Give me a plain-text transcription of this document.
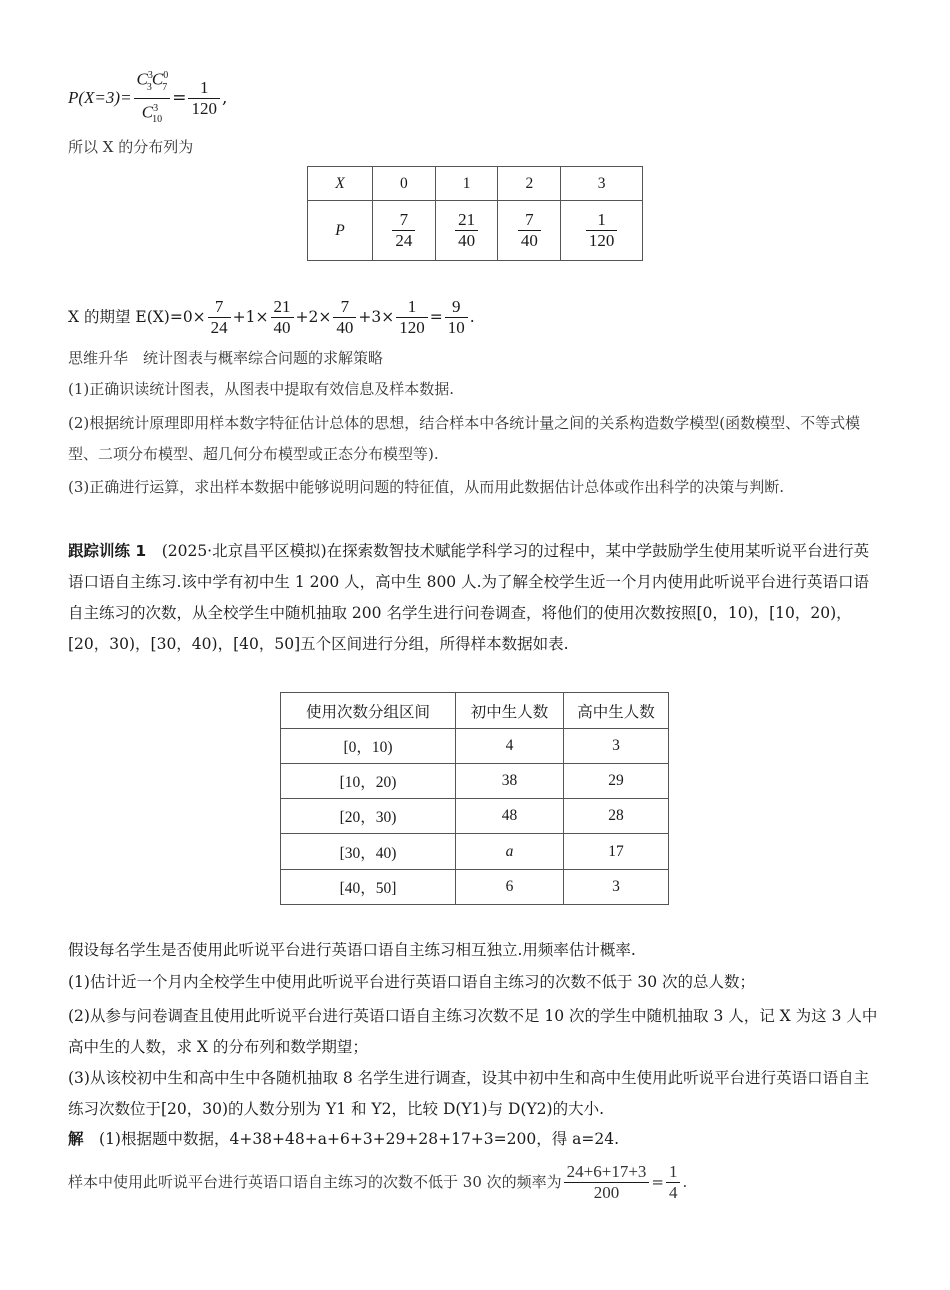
$P(X=3)= \frac{C^3_3C^0_7}{C^3_{10}} = \frac{1}{120}$ ,
所以 X 的分布列为
X	0	1	2	3
P	$\frac{7}{24}$	$\frac{21}{40}$	$\frac{7}{40}$	$\frac{1}{120}$
X 的期望 $E(X)=0\times \frac{7}{24} +1\times \frac{21}{40} +2\times \frac{7}{40} +3\times \frac{1}{120} = \frac{9}{10}$ .
思维升华　统计图表与概率综合问题的求解策略
(1)正确识读统计图表，从图表中提取有效信息及样本数据.
(2)根据统计原理即用样本数字特征估计总体的思想，结合样本中各统计量之间的关系构造数学模型(函数模型、不等式模型、二项分布模型、超几何分布模型或正态分布模型等).
(3)正确进行运算，求出样本数据中能够说明问题的特征值，从而用此数据估计总体或作出科学的决策与判断.
跟踪训练 1　(2025·北京昌平区模拟)在探索数智技术赋能学科学习的过程中，某中学鼓励学生使用某听说平台进行英语口语自主练习.该中学有初中生 1 200 人，高中生 800 人.为了解全校学生近一个月内使用此听说平台进行英语口语自主练习的次数，从全校学生中随机抽取 200 名学生进行问卷调查，将他们的使用次数按照[0，10)，[10，20)，[20，30)，[30，40)，[40，50]五个区间进行分组，所得样本数据如表.
使用次数分组区间	初中生人数	高中生人数
[0，10)	4	3
[10，20)	38	29
[20，30)	48	28
[30，40)	a	17
[40，50]	6	3
假设每名学生是否使用此听说平台进行英语口语自主练习相互独立.用频率估计概率.
(1)估计近一个月内全校学生中使用此听说平台进行英语口语自主练习的次数不低于 30 次的总人数；
(2)从参与问卷调查且使用此听说平台进行英语口语自主练习次数不足 10 次的学生中随机抽取 3 人，记 X 为这 3 人中高中生的人数，求 X 的分布列和数学期望；
(3)从该校初中生和高中生中各随机抽取 8 名学生进行调查，设其中初中生和高中生使用此听说平台进行英语口语自主练习次数位于[20，30)的人数分别为 Y1 和 Y2，比较 D(Y1)与 D(Y2)的大小.
解　(1)根据题中数据，4+38+48+a+6+3+29+28+17+3=200，得 a=24.
样本中使用此听说平台进行英语口语自主练习的次数不低于 30 次的频率为 $\frac{24+6+17+3}{200} = \frac{1}{4}$ .
